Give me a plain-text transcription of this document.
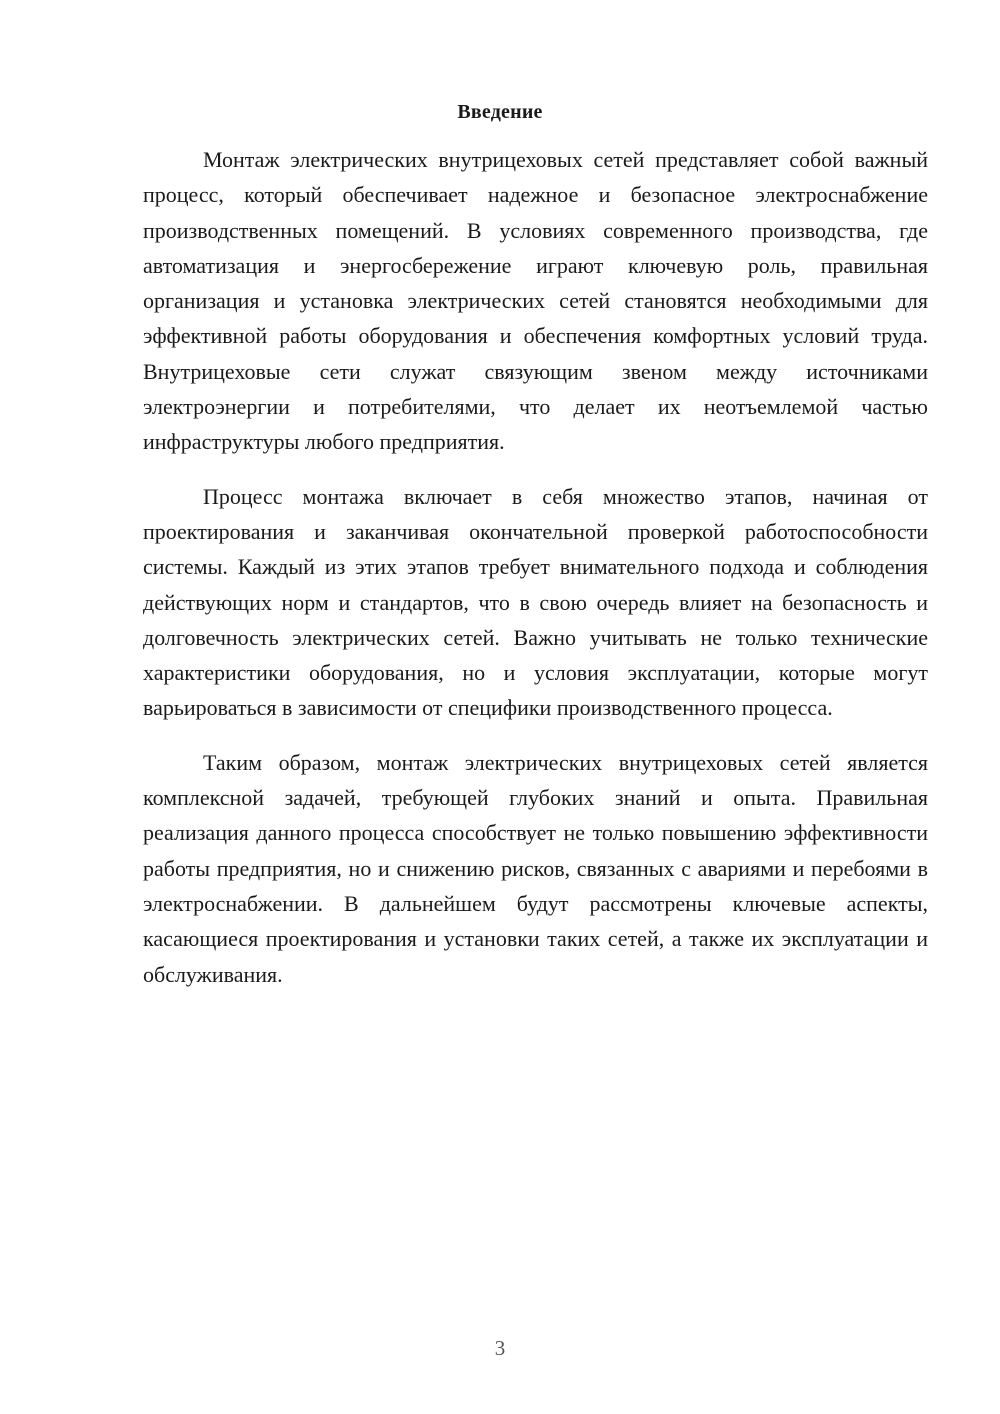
Введение

Монтаж электрических внутрицеховых сетей представляет собой важный процесс, который обеспечивает надежное и безопасное электроснабжение производственных помещений. В условиях современного производства, где автоматизация и энергосбережение играют ключевую роль, правильная организация и установка электрических сетей становятся необходимыми для эффективной работы оборудования и обеспечения комфортных условий труда. Внутрицеховые сети служат связующим звеном между источниками электроэнергии и потребителями, что делает их неотъемлемой частью инфраструктуры любого предприятия.

Процесс монтажа включает в себя множество этапов, начиная от проектирования и заканчивая окончательной проверкой работоспособности системы. Каждый из этих этапов требует внимательного подхода и соблюдения действующих норм и стандартов, что в свою очередь влияет на безопасность и долговечность электрических сетей. Важно учитывать не только технические характеристики оборудования, но и условия эксплуатации, которые могут варьироваться в зависимости от специфики производственного процесса.

Таким образом, монтаж электрических внутрицеховых сетей является комплексной задачей, требующей глубоких знаний и опыта. Правильная реализация данного процесса способствует не только повышению эффективности работы предприятия, но и снижению рисков, связанных с авариями и перебоями в электроснабжении. В дальнейшем будут рассмотрены ключевые аспекты, касающиеся проектирования и установки таких сетей, а также их эксплуатации и обслуживания.

3
